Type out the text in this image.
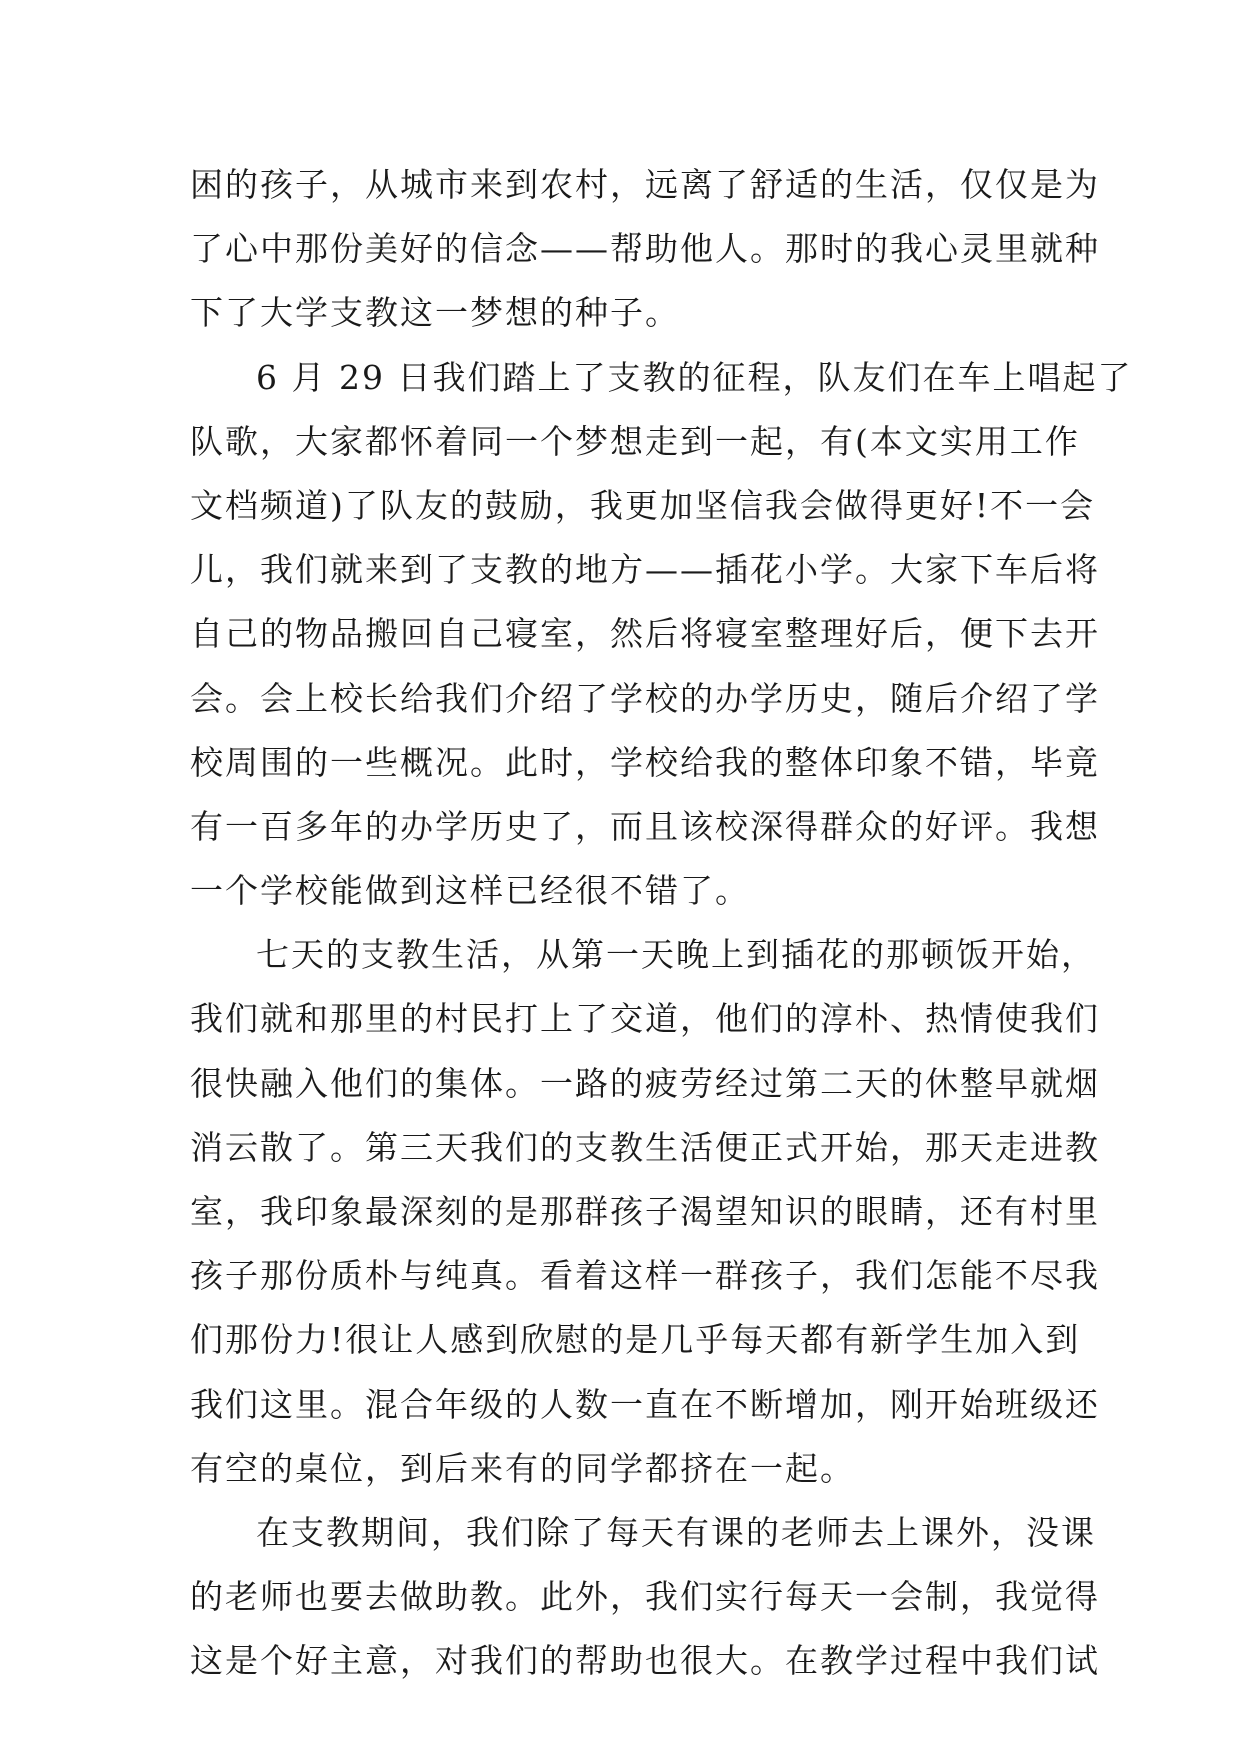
困的孩子，从城市来到农村，远离了舒适的生活，仅仅是为
了心中那份美好的信念——帮助他人。那时的我心灵里就种
下了大学支教这一梦想的种子。
6 月 29 日我们踏上了支教的征程，队友们在车上唱起了
队歌，大家都怀着同一个梦想走到一起，有(本文实用工作
文档频道)了队友的鼓励，我更加坚信我会做得更好!不一会
儿，我们就来到了支教的地方——插花小学。大家下车后将
自己的物品搬回自己寝室，然后将寝室整理好后，便下去开
会。会上校长给我们介绍了学校的办学历史，随后介绍了学
校周围的一些概况。此时，学校给我的整体印象不错，毕竟
有一百多年的办学历史了，而且该校深得群众的好评。我想
一个学校能做到这样已经很不错了。
七天的支教生活，从第一天晚上到插花的那顿饭开始，
我们就和那里的村民打上了交道，他们的淳朴、热情使我们
很快融入他们的集体。一路的疲劳经过第二天的休整早就烟
消云散了。第三天我们的支教生活便正式开始，那天走进教
室，我印象最深刻的是那群孩子渴望知识的眼睛，还有村里
孩子那份质朴与纯真。看着这样一群孩子，我们怎能不尽我
们那份力!很让人感到欣慰的是几乎每天都有新学生加入到
我们这里。混合年级的人数一直在不断增加，刚开始班级还
有空的桌位，到后来有的同学都挤在一起。
在支教期间，我们除了每天有课的老师去上课外，没课
的老师也要去做助教。此外，我们实行每天一会制，我觉得
这是个好主意，对我们的帮助也很大。在教学过程中我们试
